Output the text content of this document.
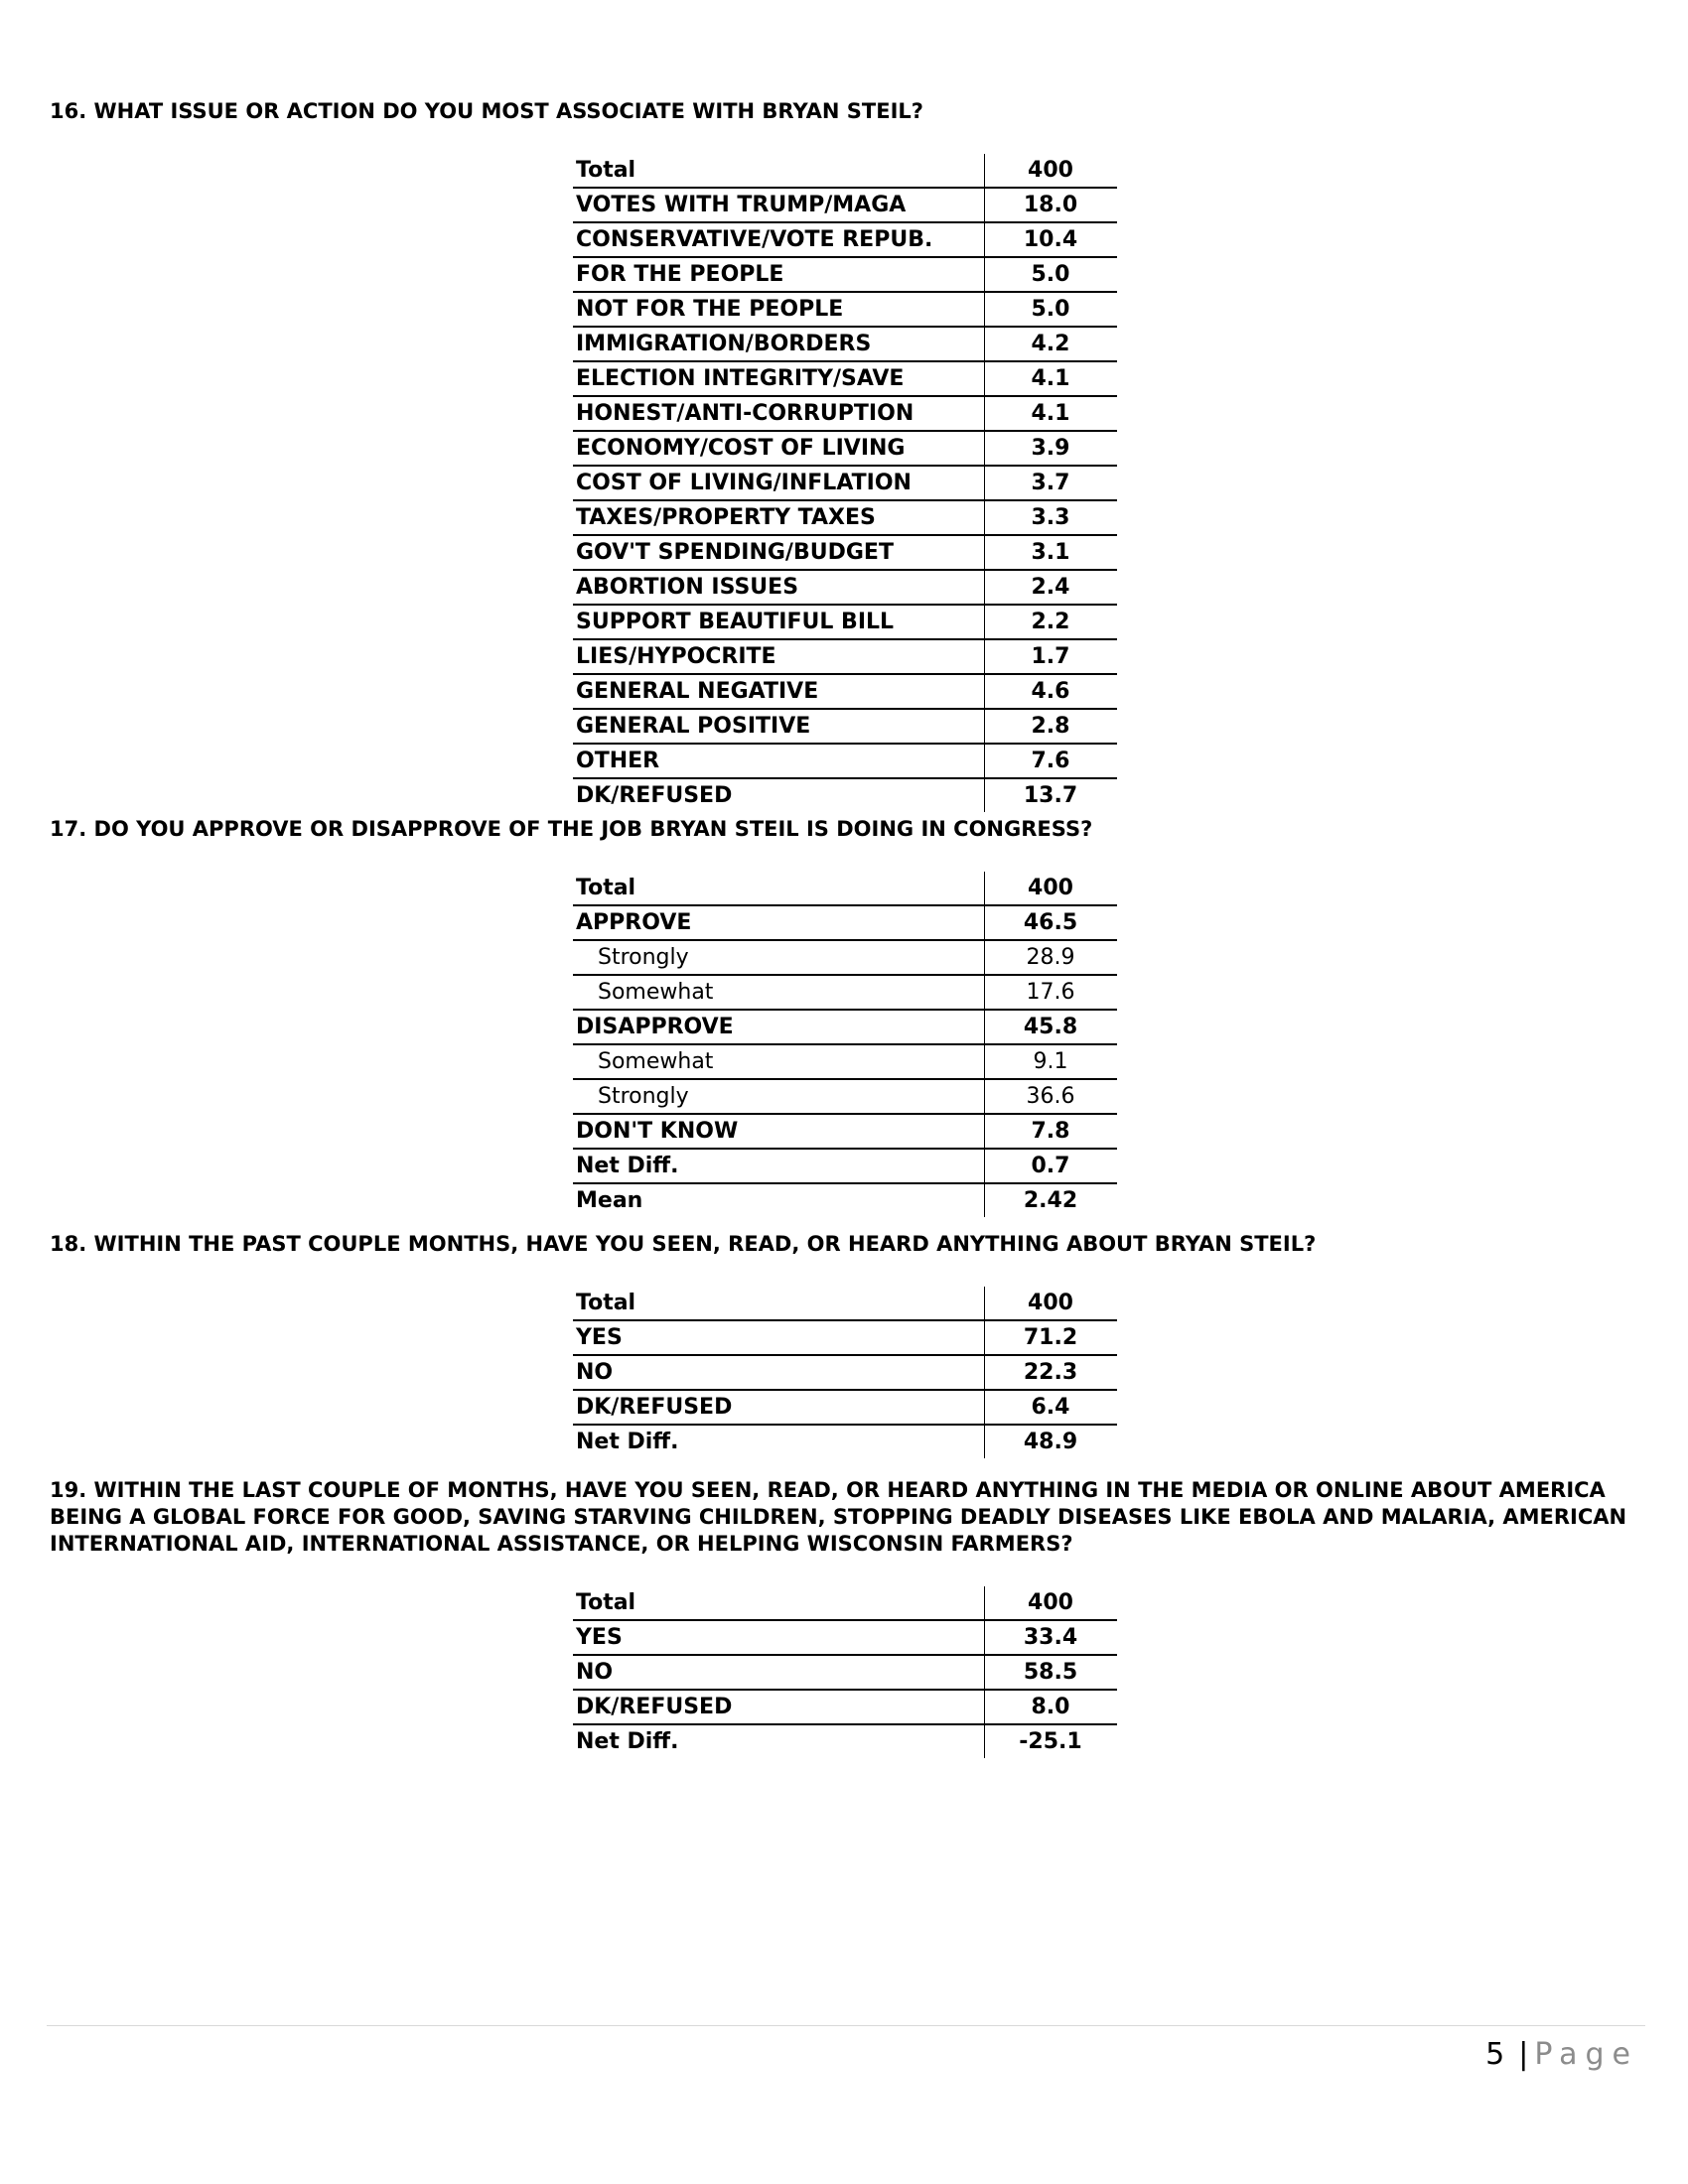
16. WHAT ISSUE OR ACTION DO YOU MOST ASSOCIATE WITH BRYAN STEIL?
Total	400
VOTES WITH TRUMP/MAGA	18.0
CONSERVATIVE/VOTE REPUB.	10.4
FOR THE PEOPLE	5.0
NOT FOR THE PEOPLE	5.0
IMMIGRATION/BORDERS	4.2
ELECTION INTEGRITY/SAVE	4.1
HONEST/ANTI-CORRUPTION	4.1
ECONOMY/COST OF LIVING	3.9
COST OF LIVING/INFLATION	3.7
TAXES/PROPERTY TAXES	3.3
GOV'T SPENDING/BUDGET	3.1
ABORTION ISSUES	2.4
SUPPORT BEAUTIFUL BILL	2.2
LIES/HYPOCRITE	1.7
GENERAL NEGATIVE	4.6
GENERAL POSITIVE	2.8
OTHER	7.6
DK/REFUSED	13.7
17. DO YOU APPROVE OR DISAPPROVE OF THE JOB BRYAN STEIL IS DOING IN CONGRESS?
Total	400
APPROVE	46.5
Strongly	28.9
Somewhat	17.6
DISAPPROVE	45.8
Somewhat	9.1
Strongly	36.6
DON'T KNOW	7.8
Net Diff.	0.7
Mean	2.42
18. WITHIN THE PAST COUPLE MONTHS, HAVE YOU SEEN, READ, OR HEARD ANYTHING ABOUT BRYAN STEIL?
Total	400
YES	71.2
NO	22.3
DK/REFUSED	6.4
Net Diff.	48.9
19. WITHIN THE LAST COUPLE OF MONTHS, HAVE YOU SEEN, READ, OR HEARD ANYTHING IN THE MEDIA OR ONLINE ABOUT AMERICA BEING A GLOBAL FORCE FOR GOOD, SAVING STARVING CHILDREN, STOPPING DEADLY DISEASES LIKE EBOLA AND MALARIA, AMERICAN INTERNATIONAL AID, INTERNATIONAL ASSISTANCE, OR HELPING WISCONSIN FARMERS?
Total	400
YES	33.4
NO	58.5
DK/REFUSED	8.0
Net Diff.	-25.1
5 | Page
